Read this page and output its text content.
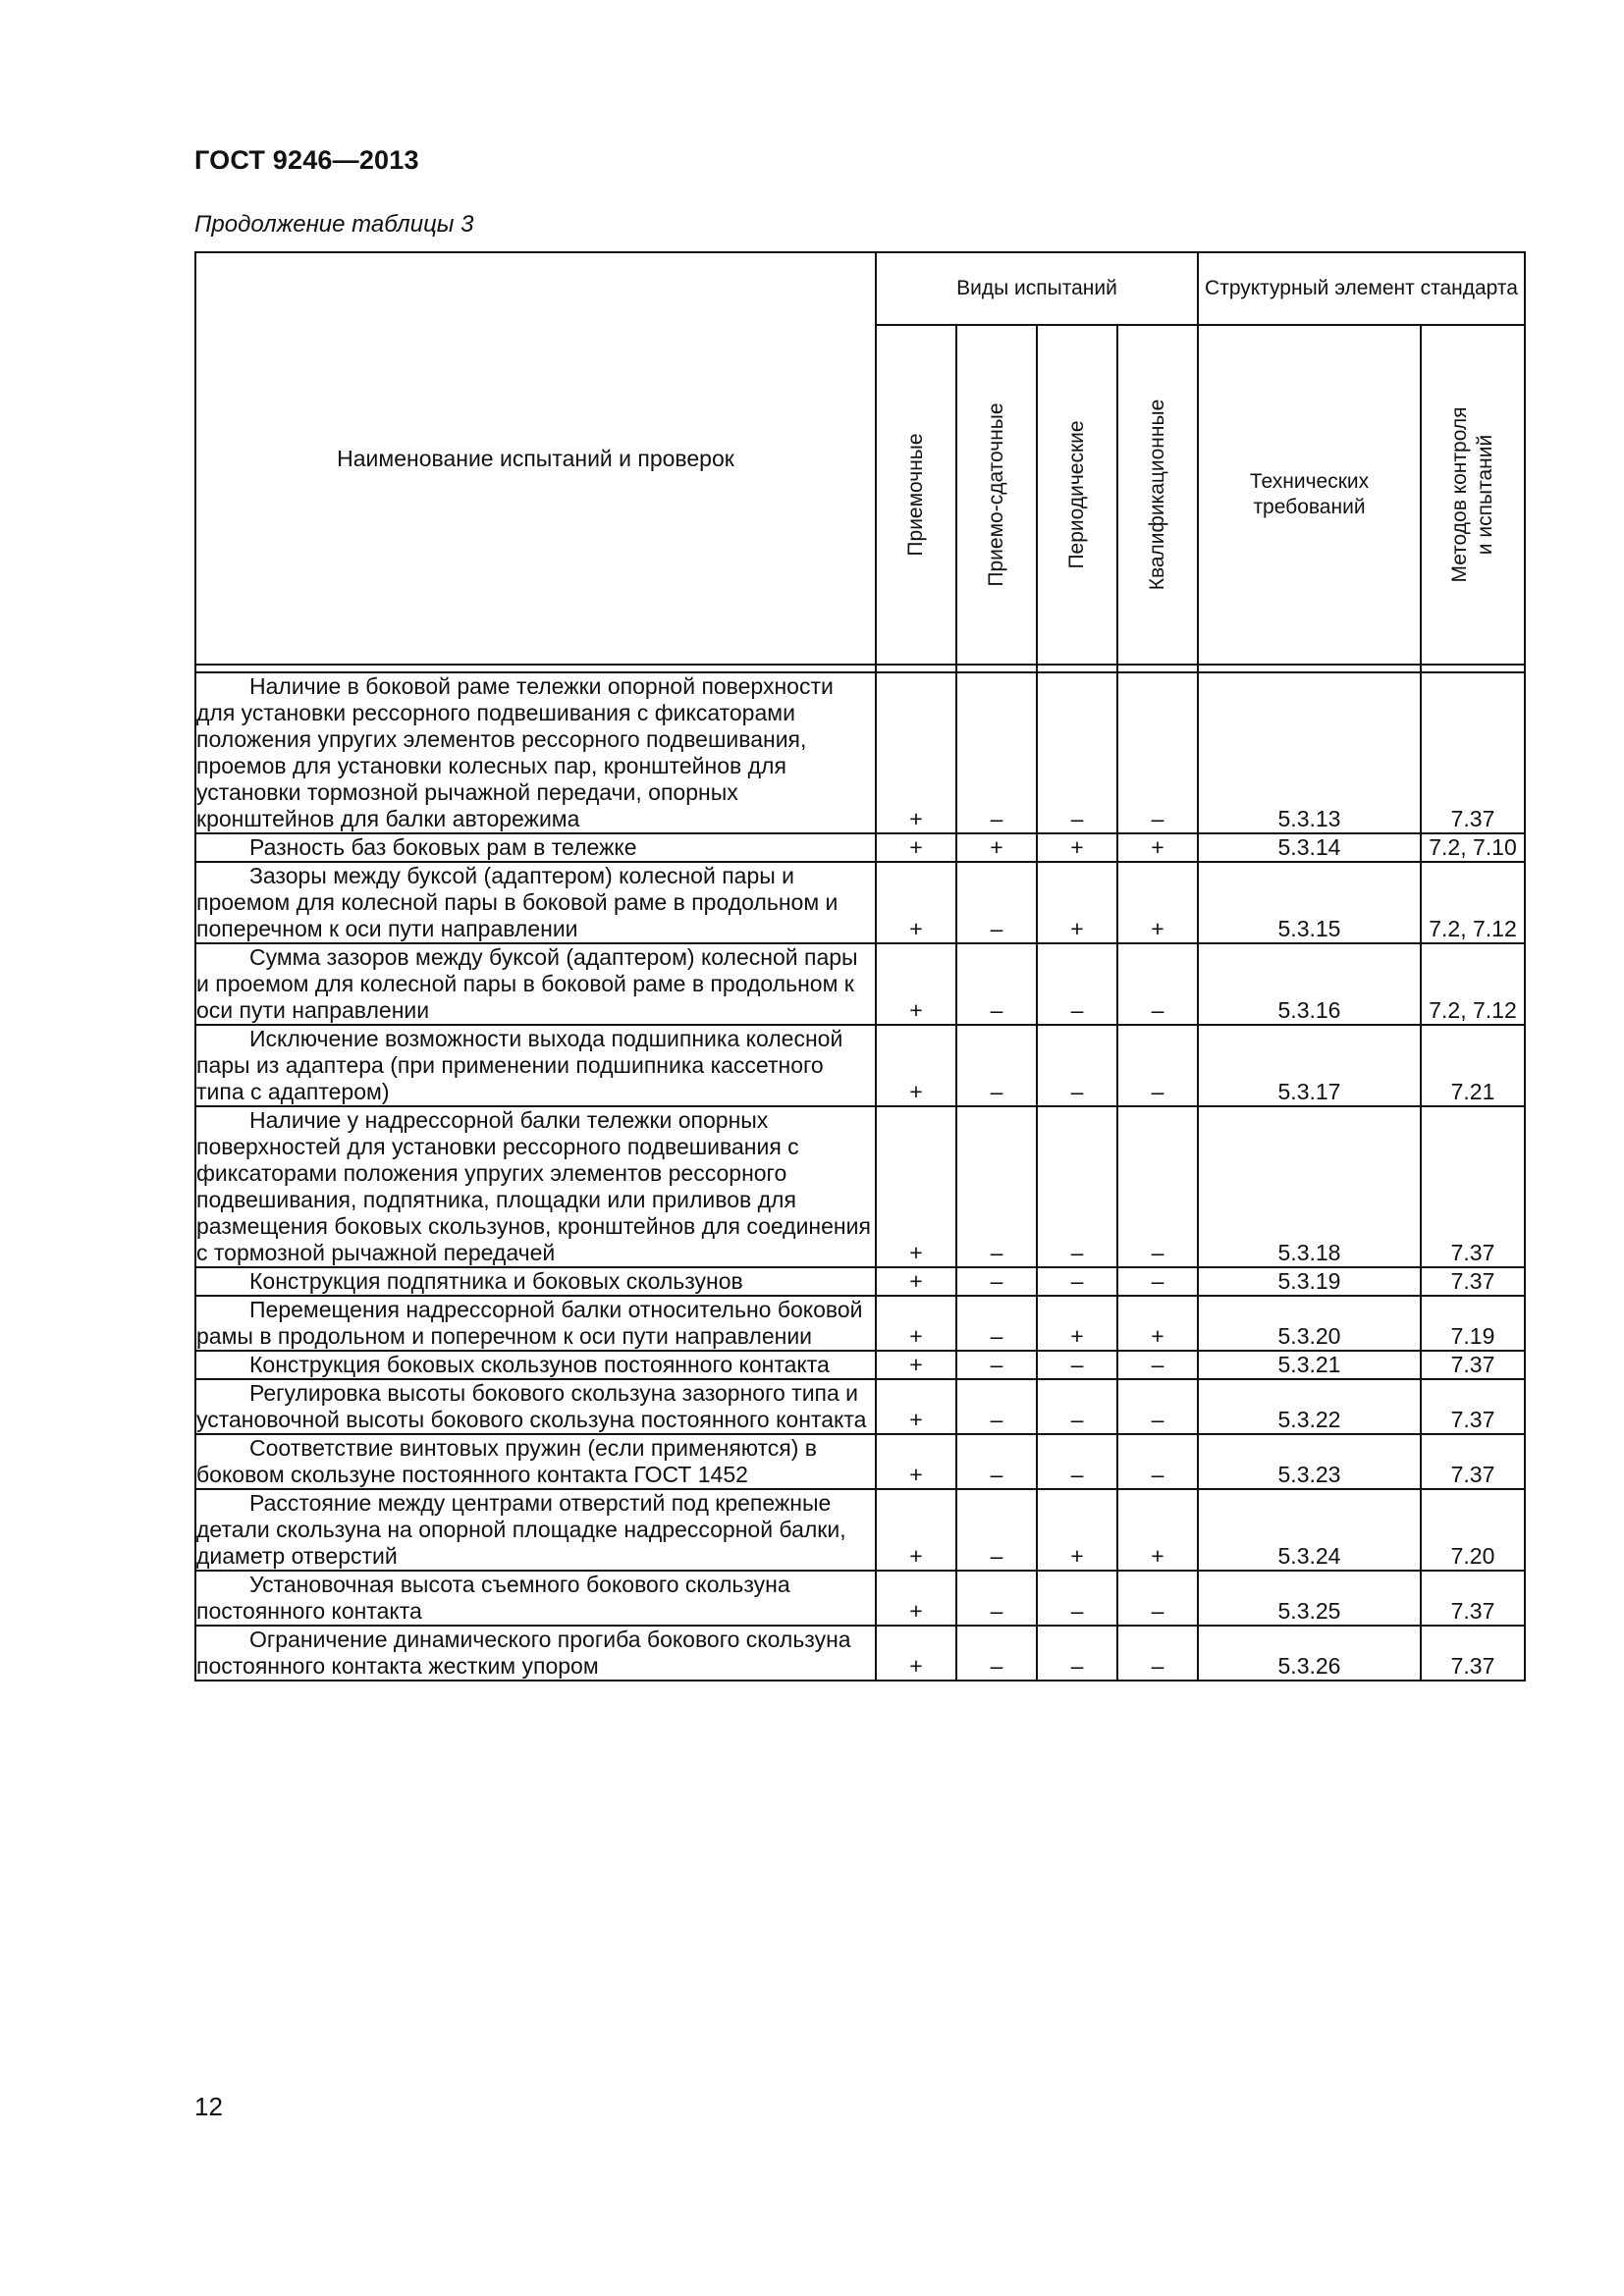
ГОСТ 9246—2013
Продолжение таблицы 3
Наименование испытаний и проверок	Виды испытаний				Структурный элемент стандарта	

	Приемочные	Приемо-сдаточные	Периодические	Квалификационные	Технических требований	Методов контроля и испытаний

Наличие в боковой раме тележки опорной поверхности для установки рессорного подвешивания с фиксаторами положения упругих элементов рессорного подвешивания, проемов для установки колесных пар, кронштейнов для установки тормозной рычажной передачи, опорных кронштейнов для балки авторежима	+	–	–	–	5.3.13	7.37
Разность баз боковых рам в тележке	+	+	+	+	5.3.14	7.2, 7.10
Зазоры между буксой (адаптером) колесной пары и проемом для колесной пары в боковой раме в продольном и поперечном к оси пути направлении	+	–	+	+	5.3.15	7.2, 7.12
Сумма зазоров между буксой (адаптером) колесной пары и проемом для колесной пары в боковой раме в продольном к оси пути направлении	+	–	–	–	5.3.16	7.2, 7.12
Исключение возможности выхода подшипника колесной пары из адаптера (при применении подшипника кассетного типа с адаптером)	+	–	–	–	5.3.17	7.21
Наличие у надрессорной балки тележки опорных поверхностей для установки рессорного подвешивания с фиксаторами положения упругих элементов рессорного подвешивания, подпятника, площадки или приливов для размещения боковых скользунов, кронштейнов для соединения с тормозной рычажной передачей	+	–	–	–	5.3.18	7.37
Конструкция подпятника и боковых скользунов	+	–	–	–	5.3.19	7.37
Перемещения надрессорной балки относительно боковой рамы в продольном и поперечном к оси пути направлении	+	–	+	+	5.3.20	7.19
Конструкция боковых скользунов постоянного контакта	+	–	–	–	5.3.21	7.37
Регулировка высоты бокового скользуна зазорного типа и установочной высоты бокового скользуна постоянного контакта	+	–	–	–	5.3.22	7.37
Соответствие винтовых пружин (если применяются) в боковом скользуне постоянного контакта ГОСТ 1452	+	–	–	–	5.3.23	7.37
Расстояние между центрами отверстий под крепежные детали скользуна на опорной площадке надрессорной балки, диаметр отверстий	+	–	+	+	5.3.24	7.20
Установочная высота съемного бокового скользуна постоянного контакта	+	–	–	–	5.3.25	7.37
Ограничение динамического прогиба бокового скользуна постоянного контакта жестким упором	+	–	–	–	5.3.26	7.37
12
